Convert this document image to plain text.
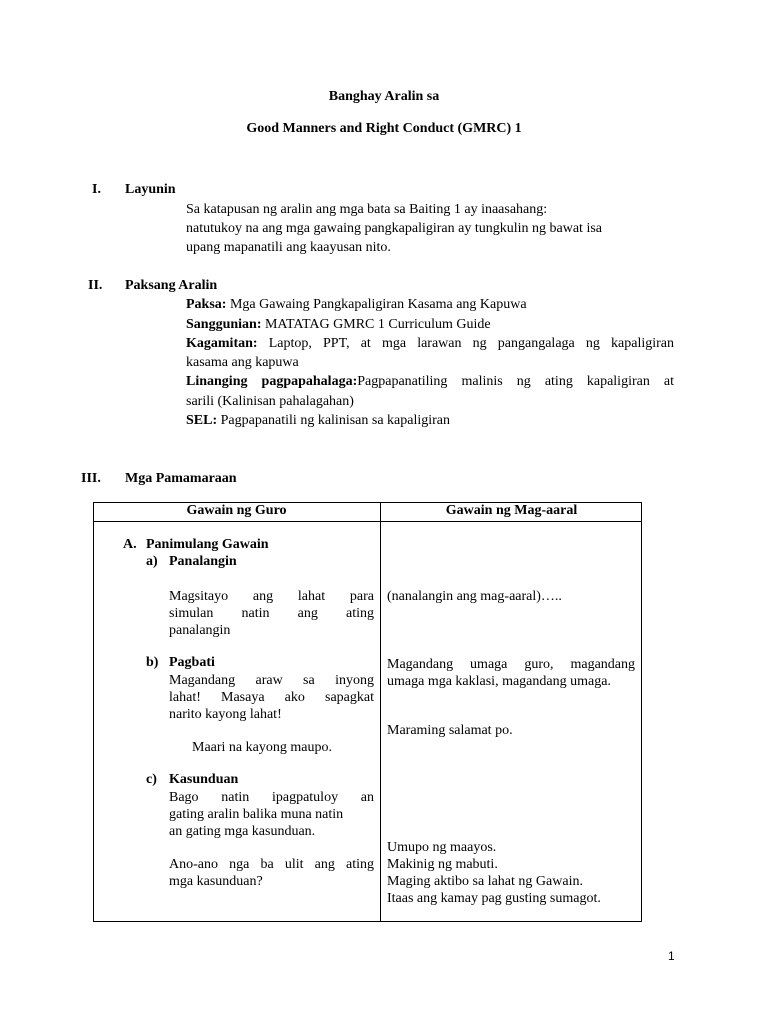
Banghay Aralin sa
Good Manners and Right Conduct (GMRC) 1
I. Layunin
Sa katapusan ng aralin ang mga bata sa Baiting 1 ay inaasahang:
natutukoy na ang mga gawaing pangkapaligiran ay tungkulin ng bawat isa
upang mapanatili ang kaayusan nito.
II. Paksang Aralin
Paksa: Mga Gawaing Pangkapaligiran Kasama ang Kapuwa
Sanggunian: MATATAG GMRC 1 Curriculum Guide
Kagamitan: Laptop, PPT, at mga larawan ng pangangalaga ng kapaligiran
kasama ang kapuwa
Linanging pagpapahalaga:Pagpapanatiling malinis ng ating kapaligiran at
sarili (Kalinisan pahalagahan)
SEL: Pagpapanatili ng kalinisan sa kapaligiran
III. Mga Pamamaraan
Gawain ng Guro	Gawain ng Mag-aaral
A. Panimulang Gawain
a) Panalangin
Magsitayo ang lahat para
simulan natin ang ating
panalangin
b) Pagbati
Magandang araw sa inyong
lahat! Masaya ako sapagkat
narito kayong lahat!
Maari na kayong maupo.
c) Kasunduan
Bago natin ipagpatuloy an
gating aralin balika muna natin
an gating mga kasunduan.
Ano-ano nga ba ulit ang ating
mga kasunduan?
(nanalangin ang mag-aaral)…..
Magandang umaga guro, magandang
umaga mga kaklasi, magandang umaga.
Maraming salamat po.
Umupo ng maayos.
Makinig ng mabuti.
Maging aktibo sa lahat ng Gawain.
Itaas ang kamay pag gusting sumagot.
1
